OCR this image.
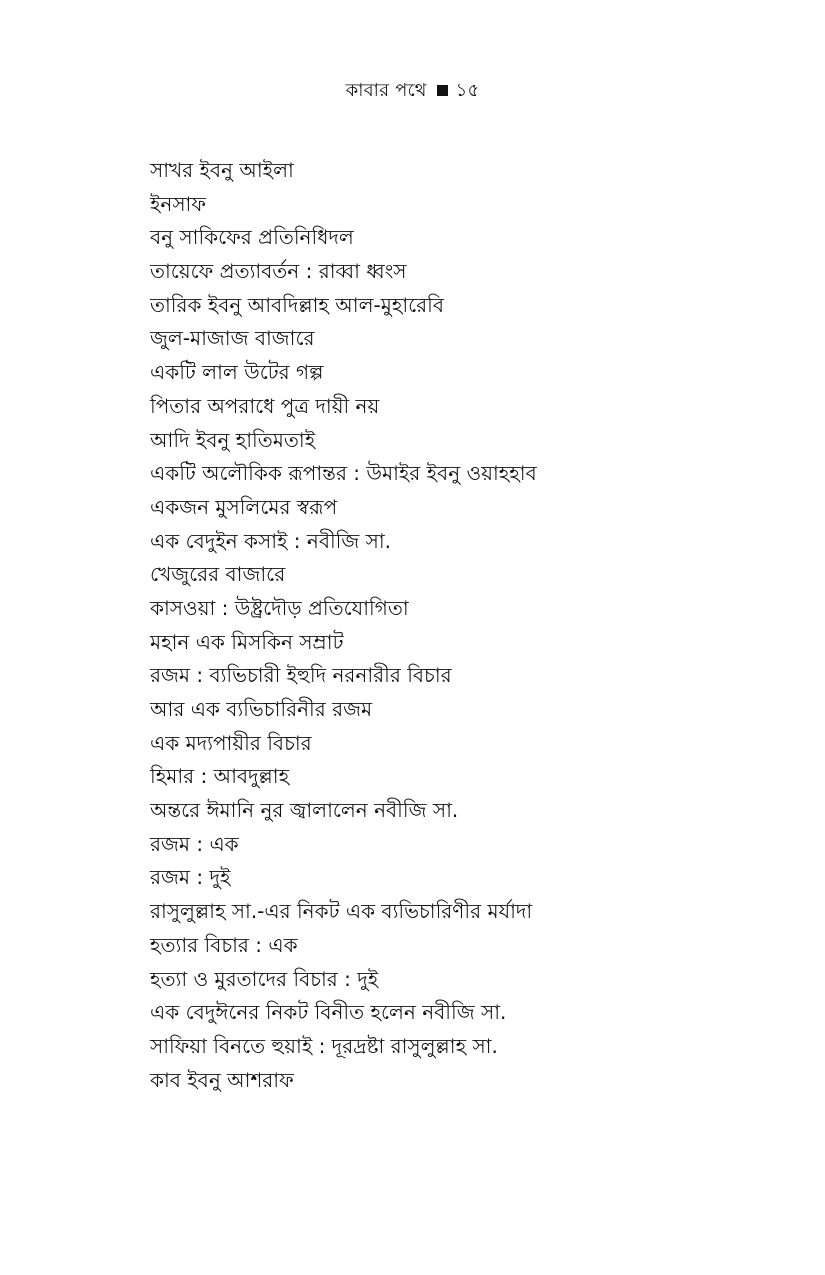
কাবার পথে ১৫
সাখর ইবনু আইলা
ইনসাফ
বনু সাকিফের প্রতিনিধিদল
তায়েফে প্রত্যাবর্তন : রাব্বা ধ্বংস
তারিক ইবনু আবদিল্লাহ আল-মুহারেবি
জুল-মাজাজ বাজারে
একটি লাল উটের গল্প
পিতার অপরাধে পুত্র দায়ী নয়
আদি ইবনু হাতিমতাই
একটি অলৌকিক রূপান্তর : উমাইর ইবনু ওয়াহহাব
একজন মুসলিমের স্বরূপ
এক বেদুইন কসাই : নবীজি সা.
খেজুরের বাজারে
কাসওয়া : উষ্ট্রদৌড় প্রতিযোগিতা
মহান এক মিসকিন সম্রাট
রজম : ব্যভিচারী ইহুদি নরনারীর বিচার
আর এক ব্যভিচারিনীর রজম
এক মদ্যপায়ীর বিচার
হিমার : আবদুল্লাহ
অন্তরে ঈমানি নুর জ্বালালেন নবীজি সা.
রজম : এক
রজম : দুই
রাসুলুল্লাহ সা.-এর নিকট এক ব্যভিচারিণীর মর্যাদা
হত্যার বিচার : এক
হত্যা ও মুরতাদের বিচার : দুই
এক বেদুঈনের নিকট বিনীত হলেন নবীজি সা.
সাফিয়া বিনতে হুয়াই : দূরদ্রষ্টা রাসুলুল্লাহ সা.
কাব ইবনু আশরাফ
